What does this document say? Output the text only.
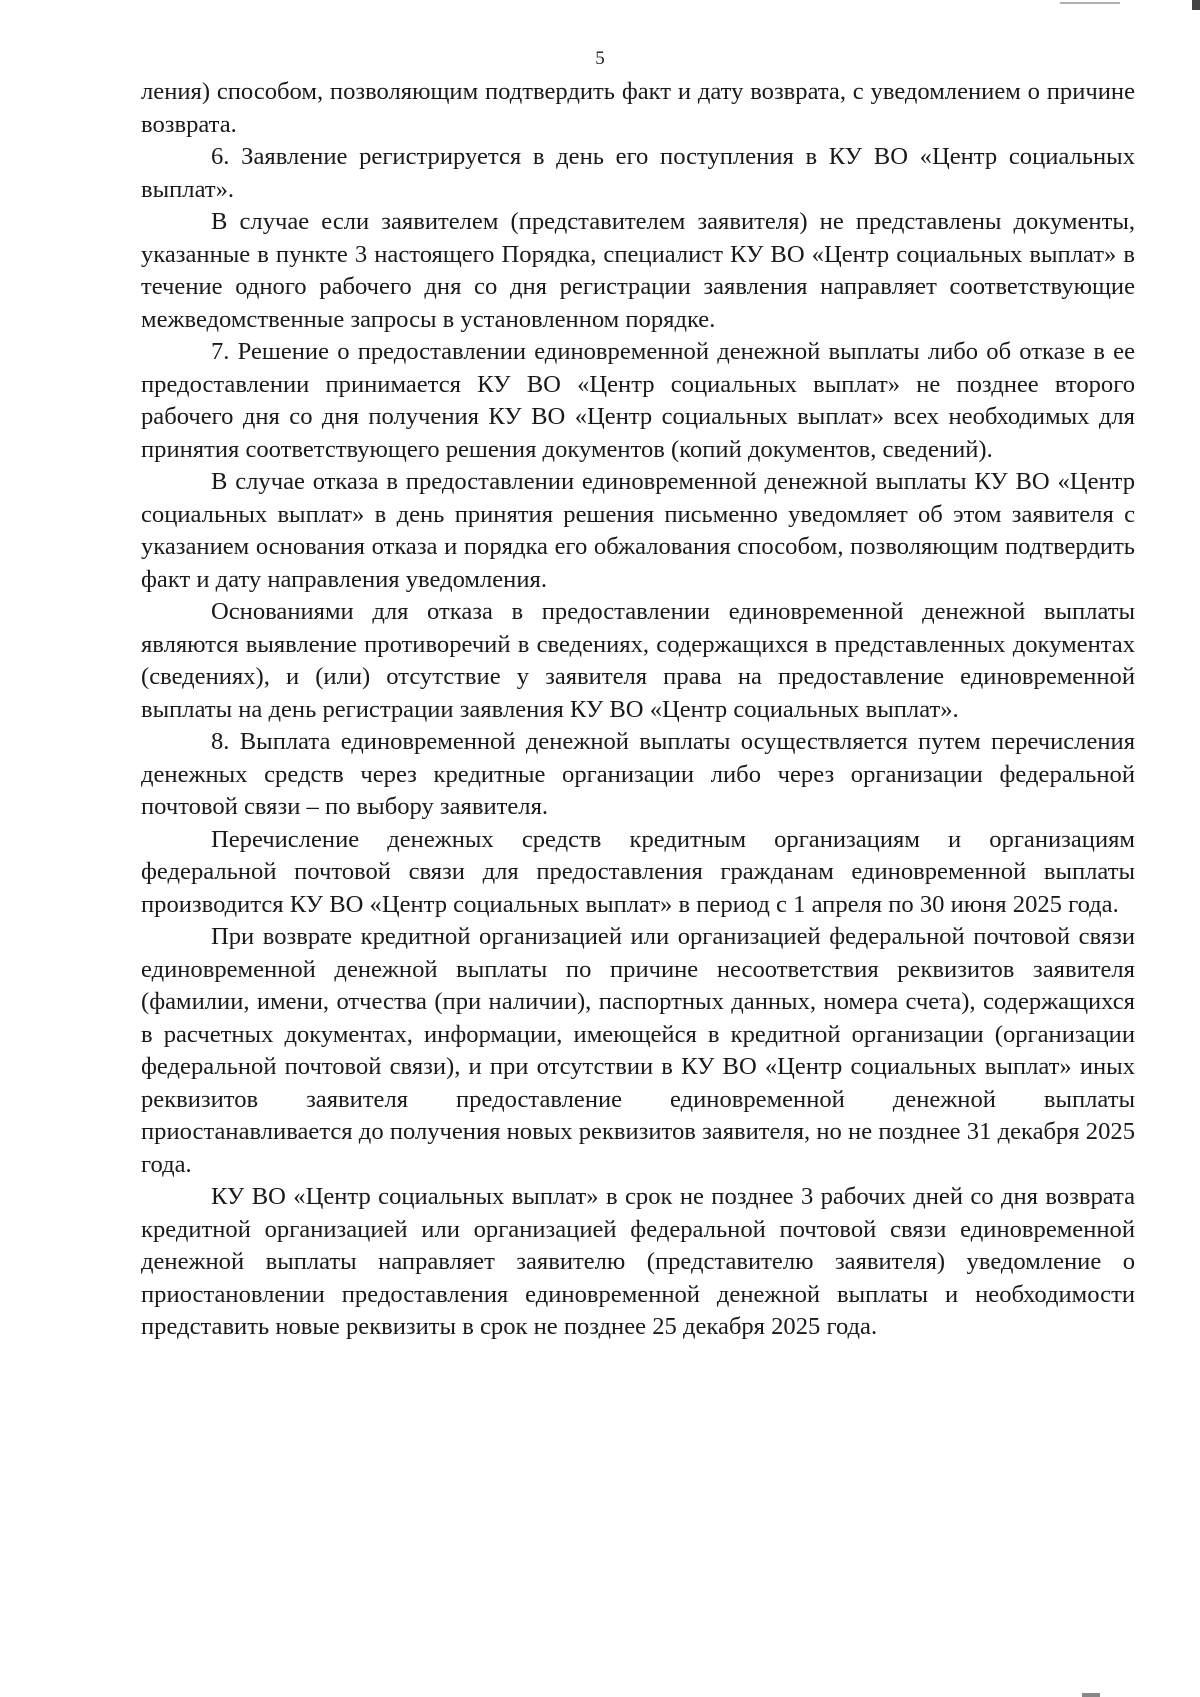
5

ления) способом, позволяющим подтвердить факт и дату возврата, с уведомлением о причине возврата.

6. Заявление регистрируется в день его поступления в КУ ВО «Центр социальных выплат».

В случае если заявителем (представителем заявителя) не представлены документы, указанные в пункте 3 настоящего Порядка, специалист КУ ВО «Центр социальных выплат» в течение одного рабочего дня со дня регистрации заявления направляет соответствующие межведомственные запросы в установленном порядке.

7. Решение о предоставлении единовременной денежной выплаты либо об отказе в ее предоставлении принимается КУ ВО «Центр социальных выплат» не позднее второго рабочего дня со дня получения КУ ВО «Центр социальных выплат» всех необходимых для принятия соответствующего решения документов (копий документов, сведений).

В случае отказа в предоставлении единовременной денежной выплаты КУ ВО «Центр социальных выплат» в день принятия решения письменно уведомляет об этом заявителя с указанием основания отказа и порядка его обжалования способом, позволяющим подтвердить факт и дату направления уведомления.

Основаниями для отказа в предоставлении единовременной денежной выплаты являются выявление противоречий в сведениях, содержащихся в представленных документах (сведениях), и (или) отсутствие у заявителя права на предоставление единовременной выплаты на день регистрации заявления КУ ВО «Центр социальных выплат».

8. Выплата единовременной денежной выплаты осуществляется путем перечисления денежных средств через кредитные организации либо через организации федеральной почтовой связи – по выбору заявителя.

Перечисление денежных средств кредитным организациям и организациям федеральной почтовой связи для предоставления гражданам единовременной выплаты производится КУ ВО «Центр социальных выплат» в период с 1 апреля по 30 июня 2025 года.

При возврате кредитной организацией или организацией федеральной почтовой связи единовременной денежной выплаты по причине несоответствия реквизитов заявителя (фамилии, имени, отчества (при наличии), паспортных данных, номера счета), содержащихся в расчетных документах, информации, имеющейся в кредитной организации (организации федеральной почтовой связи), и при отсутствии в КУ ВО «Центр социальных выплат» иных реквизитов заявителя предоставление единовременной денежной выплаты приостанавливается до получения новых реквизитов заявителя, но не позднее 31 декабря 2025 года.

КУ ВО «Центр социальных выплат» в срок не позднее 3 рабочих дней со дня возврата кредитной организацией или организацией федеральной почтовой связи единовременной денежной выплаты направляет заявителю (представителю заявителя) уведомление о приостановлении предоставления единовременной денежной выплаты и необходимости представить новые реквизиты в срок не позднее 25 декабря 2025 года.
